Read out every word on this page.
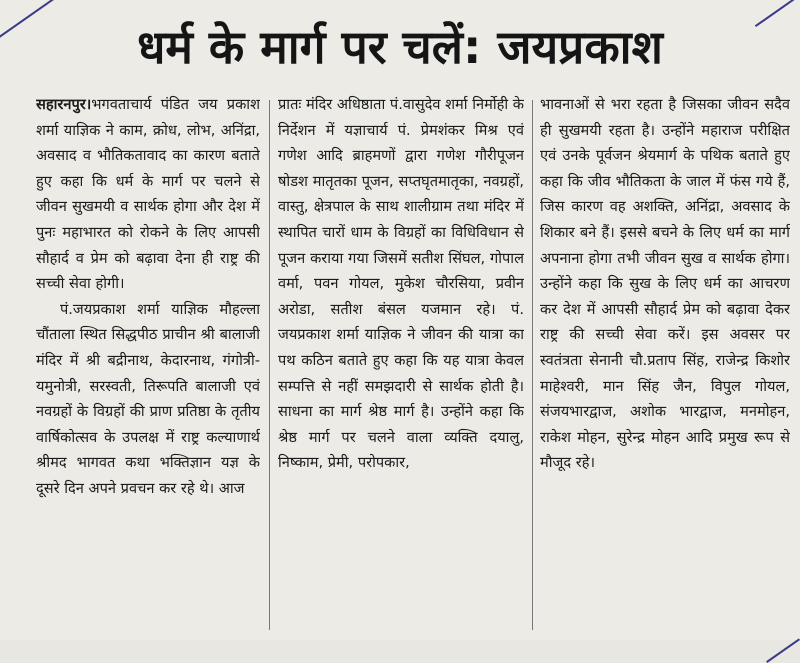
धर्म के मार्ग पर चलें: जयप्रकाश

सहारनपुर।भगवताचार्य पंडित जय प्रकाश शर्मा याज्ञिक ने काम, क्रोध, लोभ, अनिंद्रा, अवसाद व भौतिकतावाद का कारण बताते हुए कहा कि धर्म के मार्ग पर चलने से जीवन सुखमयी व सार्थक होगा और देश में पुनः महाभारत को रोकने के लिए आपसी सौहार्द व प्रेम को बढ़ावा देना ही राष्ट्र की सच्ची सेवा होगी।

पं.जयप्रकाश शर्मा याज्ञिक मौहल्ला चौंताला स्थित सिद्धपीठ प्राचीन श्री बालाजी मंदिर में श्री बद्रीनाथ, केदारनाथ, गंगोत्री-यमुनोत्री, सरस्वती, तिरूपति बालाजी एवं नवग्रहों के विग्रहों की प्राण प्रतिष्ठा के तृतीय वार्षिकोत्सव के उपलक्ष में राष्ट्र कल्याणार्थ श्रीमद भागवत कथा भक्तिज्ञान यज्ञ के दूसरे दिन अपने प्रवचन कर रहे थे। आज

प्रातः मंदिर अधिष्ठाता पं.वासुदेव शर्मा निर्मोही के निर्देशन में यज्ञाचार्य पं. प्रेमशंकर मिश्र एवं गणेश आदि ब्राहमणों द्वारा गणेश गौरीपूजन षोडश मातृतका पूजन, सप्तघृतमातृका, नवग्रहों, वास्तु, क्षेत्रपाल के साथ शालीग्राम तथा मंदिर में स्थापित चारों धाम के विग्रहों का विधिविधान से पूजन कराया गया जिसमें सतीश सिंघल, गोपाल वर्मा, पवन गोयल, मुकेश चौरसिया, प्रवीन अरोडा, सतीश बंसल यजमान रहे। पं. जयप्रकाश शर्मा याज्ञिक ने जीवन की यात्रा का पथ कठिन बताते हुए कहा कि यह यात्रा केवल सम्पत्ति से नहीं समझदारी से सार्थक होती है। साधना का मार्ग श्रेष्ठ मार्ग है। उन्होंने कहा कि श्रेष्ठ मार्ग पर चलने वाला व्यक्ति दयालु, निष्काम, प्रेमी, परोपकार,

भावनाओं से भरा रहता है जिसका जीवन सदैव ही सुखमयी रहता है। उन्होंने महाराज परीक्षित एवं उनके पूर्वजन श्रेयमार्ग के पथिक बताते हुए कहा कि जीव भौतिकता के जाल में फंस गये हैं, जिस कारण वह अशक्ति, अनिंद्रा, अवसाद के शिकार बने हैं। इससे बचने के लिए धर्म का मार्ग अपनाना होगा तभी जीवन सुख व सार्थक होगा। उन्होंने कहा कि सुख के लिए धर्म का आचरण कर देश में आपसी सौहार्द प्रेम को बढ़ावा देकर राष्ट्र की सच्ची सेवा करें। इस अवसर पर स्वतंत्रता सेनानी चौ.प्रताप सिंह, राजेन्द्र किशोर माहेश्वरी, मान सिंह जैन, विपुल गोयल, संजयभारद्वाज, अशोक भारद्वाज, मनमोहन, राकेश मोहन, सुरेन्द्र मोहन आदि प्रमुख रूप से मौजूद रहे।
